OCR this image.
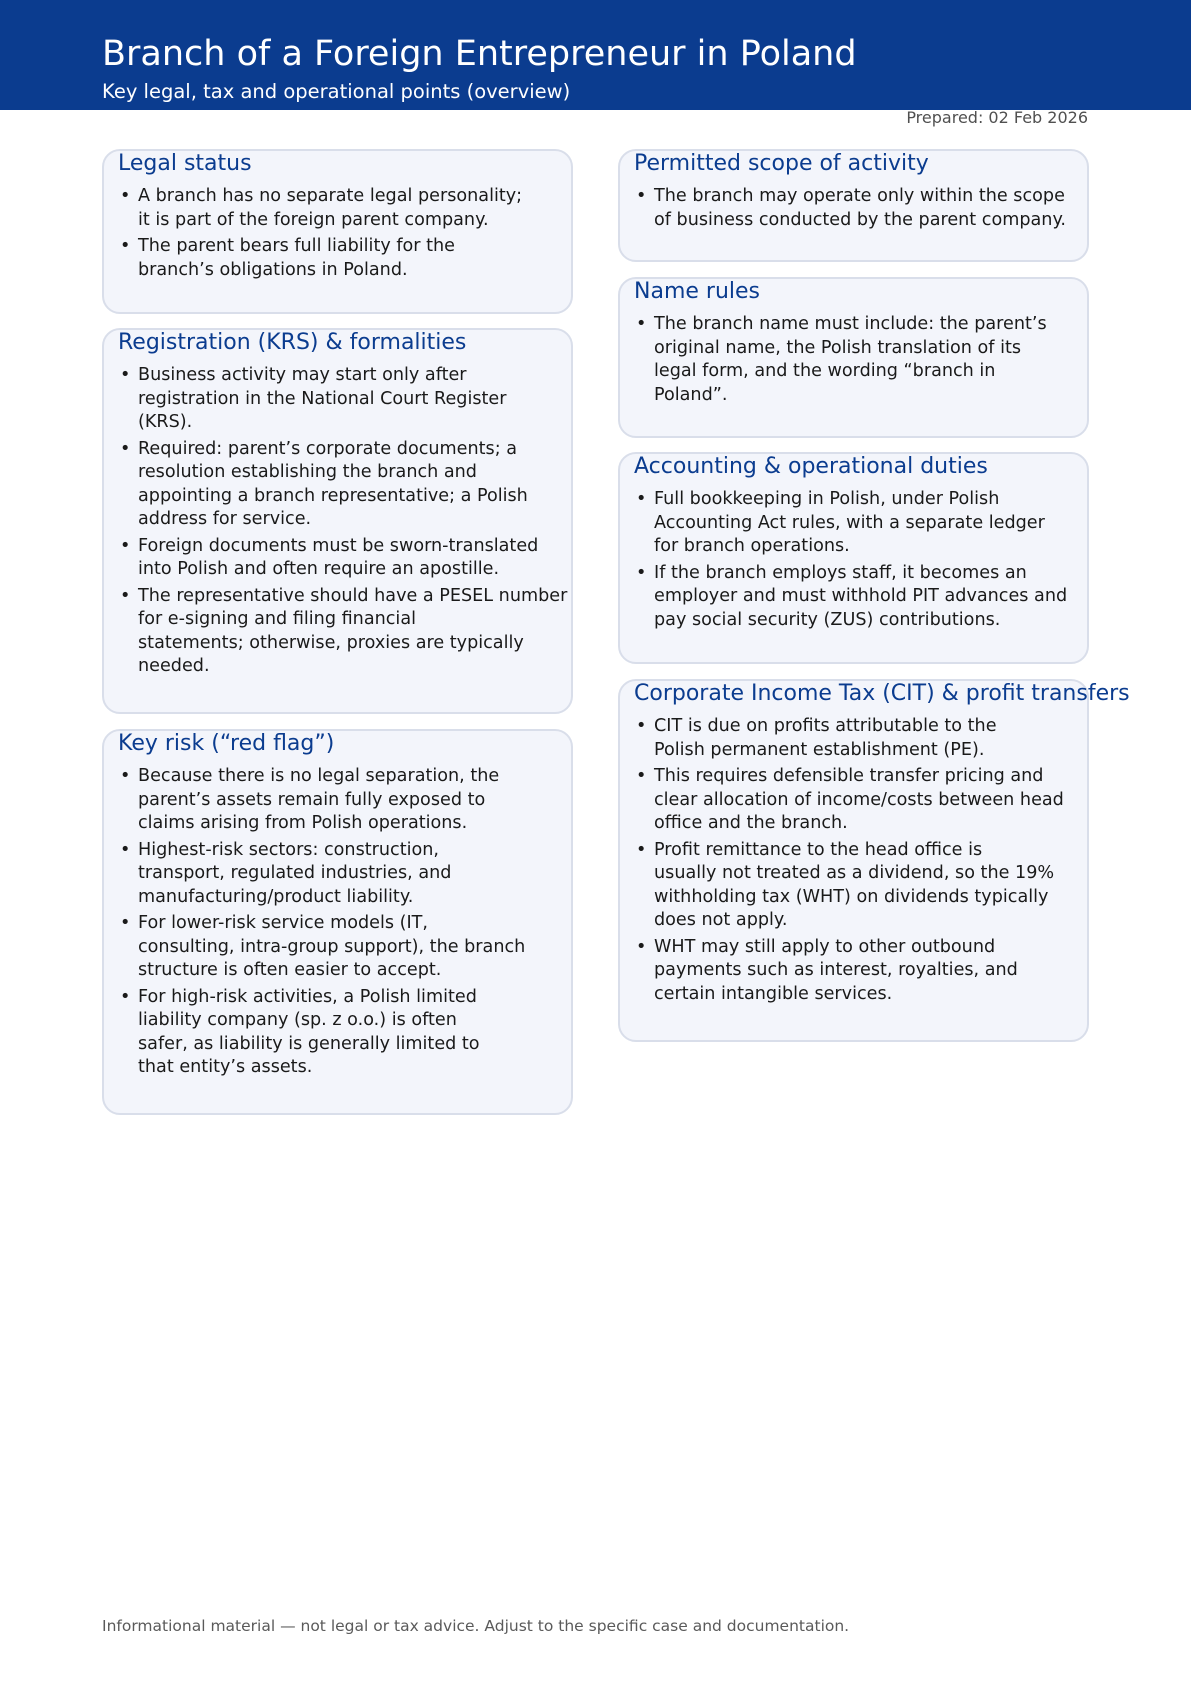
Branch of a Foreign Entrepreneur in Poland
Key legal, tax and operational points (overview)
Prepared: 02 Feb 2026
Legal status
• A branch has no separate legal personality;
it is part of the foreign parent company.
• The parent bears full liability for the
branch’s obligations in Poland.
Registration (KRS) & formalities
• Business activity may start only after
registration in the National Court Register
(KRS).
• Required: parent’s corporate documents; a
resolution establishing the branch and
appointing a branch representative; a Polish
address for service.
• Foreign documents must be sworn-translated
into Polish and often require an apostille.
• The representative should have a PESEL number
for e-signing and filing financial
statements; otherwise, proxies are typically
needed.
Key risk (“red flag”)
• Because there is no legal separation, the
parent’s assets remain fully exposed to
claims arising from Polish operations.
• Highest-risk sectors: construction,
transport, regulated industries, and
manufacturing/product liability.
• For lower-risk service models (IT,
consulting, intra-group support), the branch
structure is often easier to accept.
• For high-risk activities, a Polish limited
liability company (sp. z o.o.) is often
safer, as liability is generally limited to
that entity’s assets.
Permitted scope of activity
• The branch may operate only within the scope
of business conducted by the parent company.
Name rules
• The branch name must include: the parent’s
original name, the Polish translation of its
legal form, and the wording “branch in
Poland”.
Accounting & operational duties
• Full bookkeeping in Polish, under Polish
Accounting Act rules, with a separate ledger
for branch operations.
• If the branch employs staff, it becomes an
employer and must withhold PIT advances and
pay social security (ZUS) contributions.
Corporate Income Tax (CIT) & profit transfers
• CIT is due on profits attributable to the
Polish permanent establishment (PE).
• This requires defensible transfer pricing and
clear allocation of income/costs between head
office and the branch.
• Profit remittance to the head office is
usually not treated as a dividend, so the 19%
withholding tax (WHT) on dividends typically
does not apply.
• WHT may still apply to other outbound
payments such as interest, royalties, and
certain intangible services.
Informational material — not legal or tax advice. Adjust to the specific case and documentation.
